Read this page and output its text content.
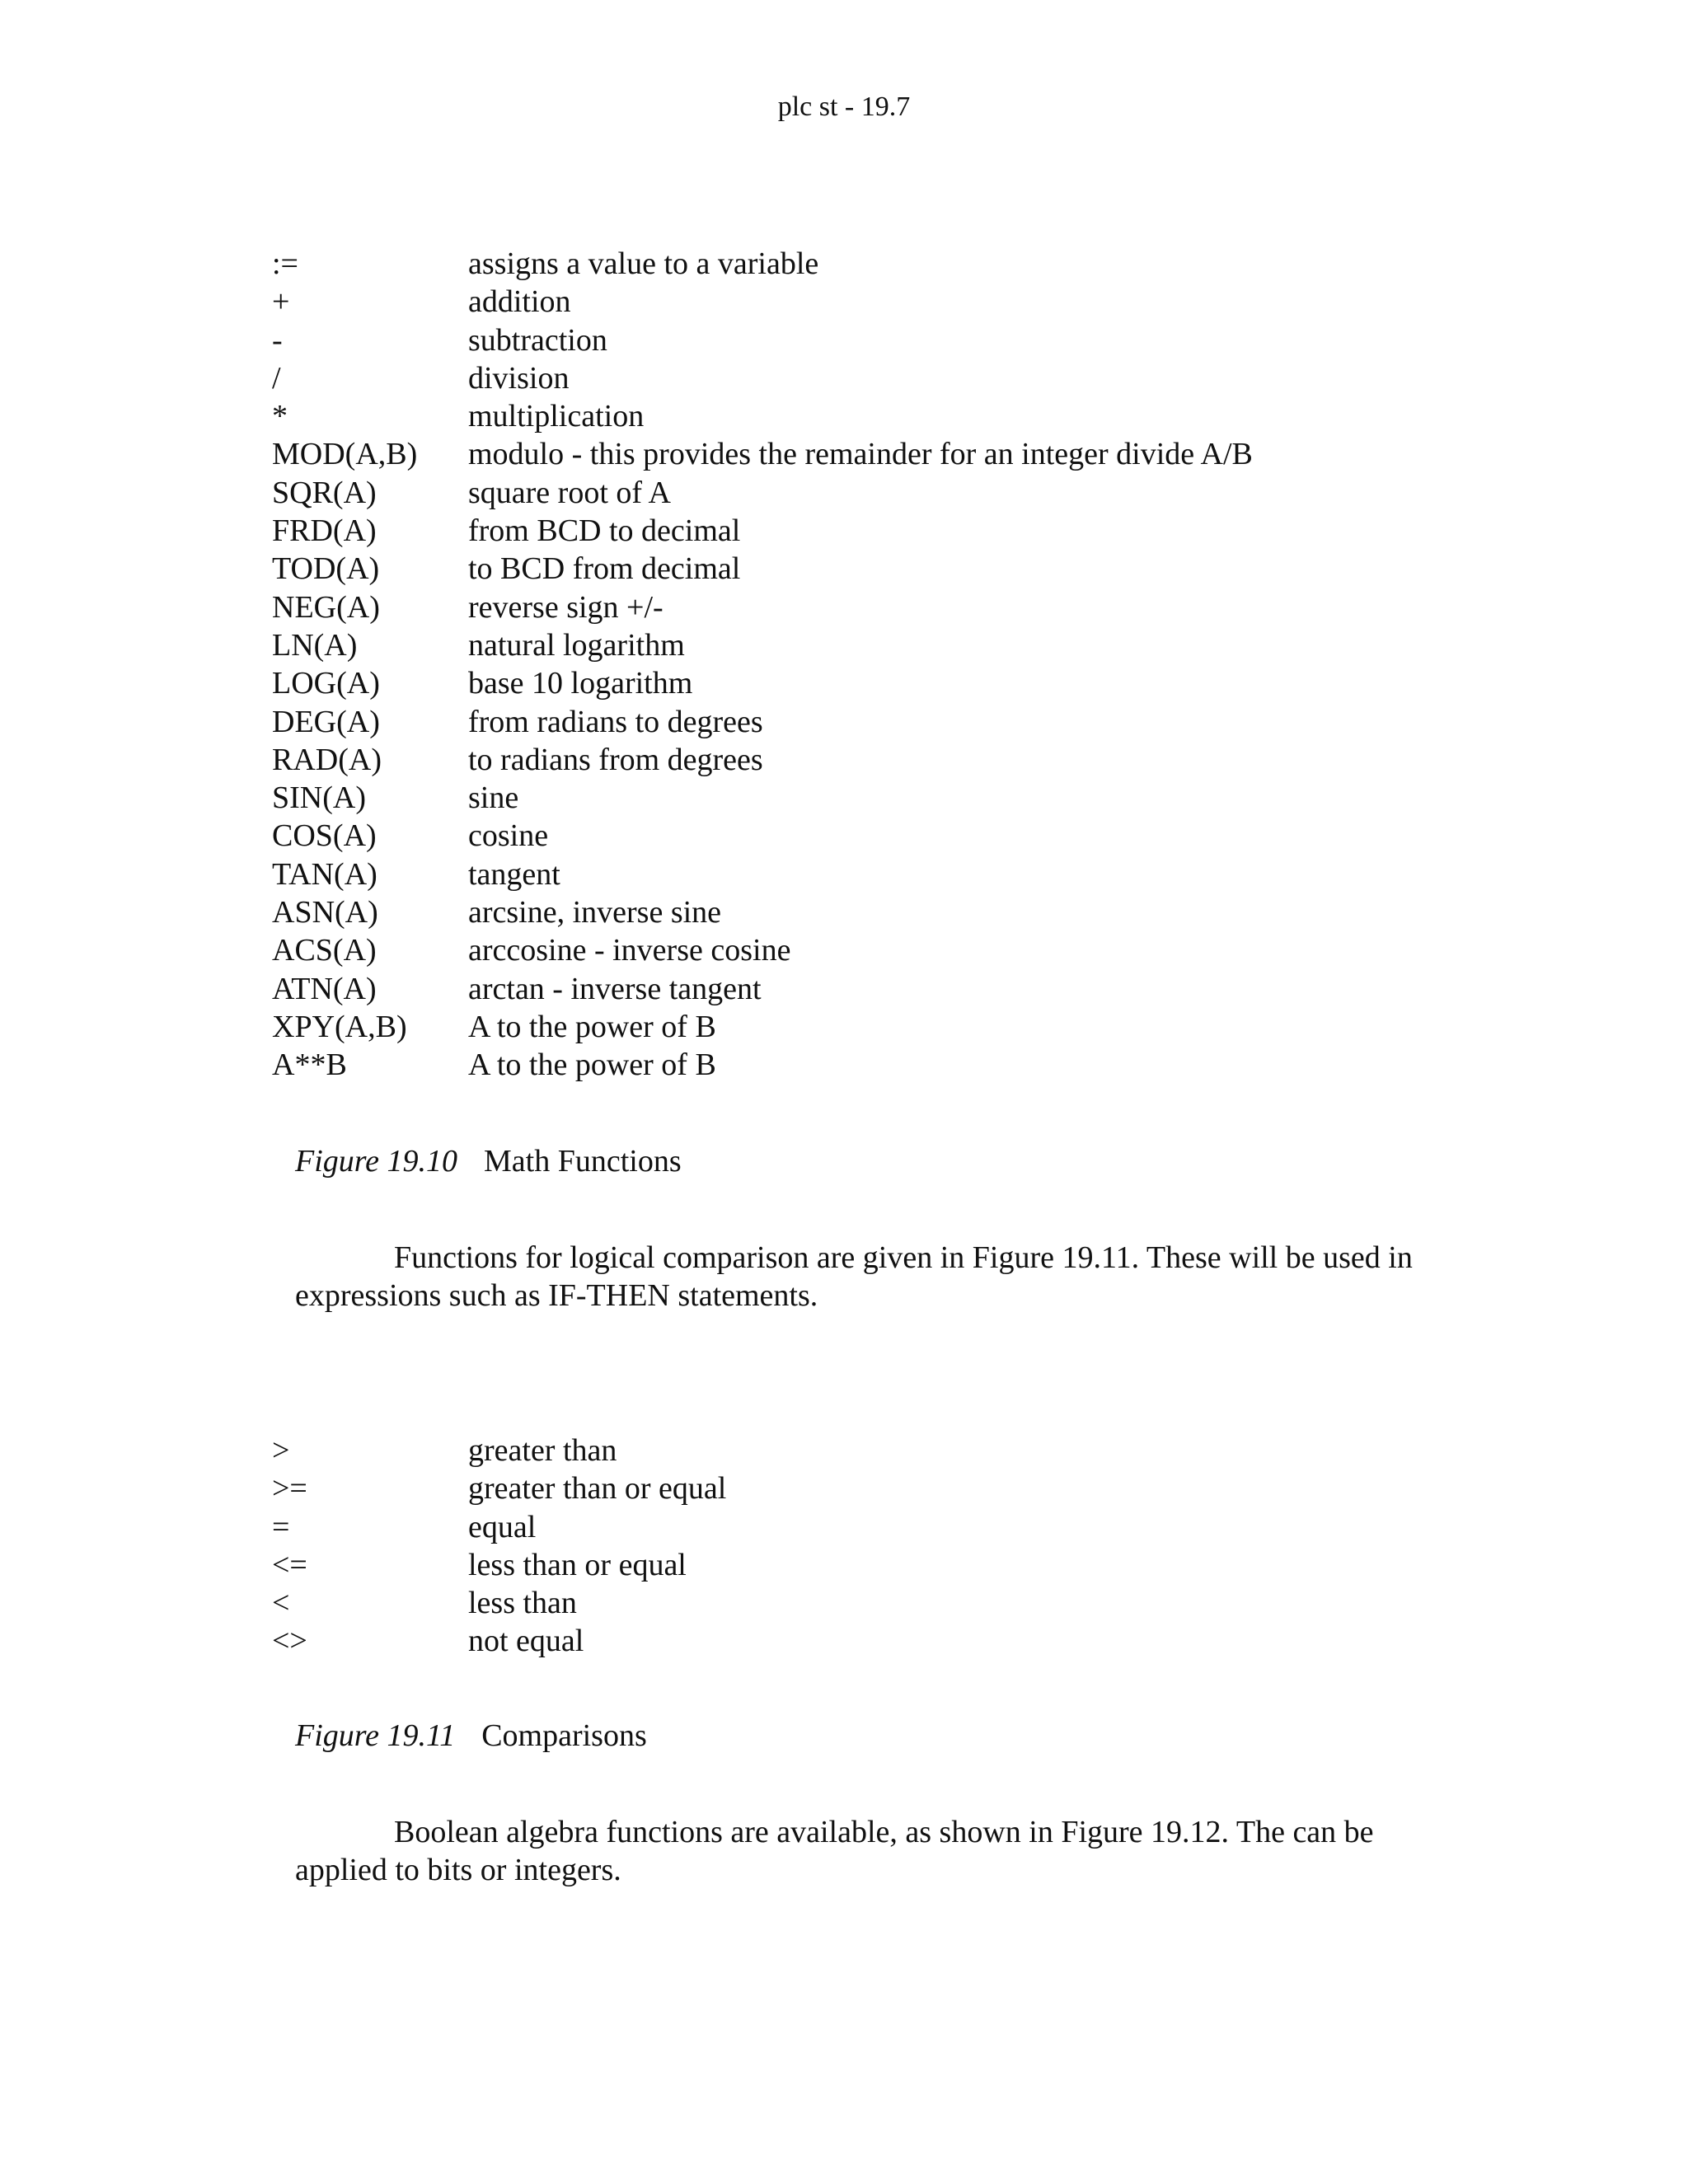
plc st - 19.7
:=	assigns a value to a variable
+	addition
-	subtraction
/	division
*	multiplication
MOD(A,B)	modulo - this provides the remainder for an integer divide A/B
SQR(A)	square root of A
FRD(A)	from BCD to decimal
TOD(A)	to BCD from decimal
NEG(A)	reverse sign +/-
LN(A)	natural logarithm
LOG(A)	base 10 logarithm
DEG(A)	from radians to degrees
RAD(A)	to radians from degrees
SIN(A)	sine
COS(A)	cosine
TAN(A)	tangent
ASN(A)	arcsine, inverse sine
ACS(A)	arccosine - inverse cosine
ATN(A)	arctan - inverse tangent
XPY(A,B)	A to the power of B
A**B	A to the power of B
Figure 19.10 Math Functions

Functions for logical comparison are given in Figure 19.11. These will be used in expressions such as IF-THEN statements.

>	greater than
>=	greater than or equal
=	equal
<=	less than or equal
<	less than
<>	not equal
Figure 19.11 Comparisons

Boolean algebra functions are available, as shown in Figure 19.12. The can be applied to bits or integers.
